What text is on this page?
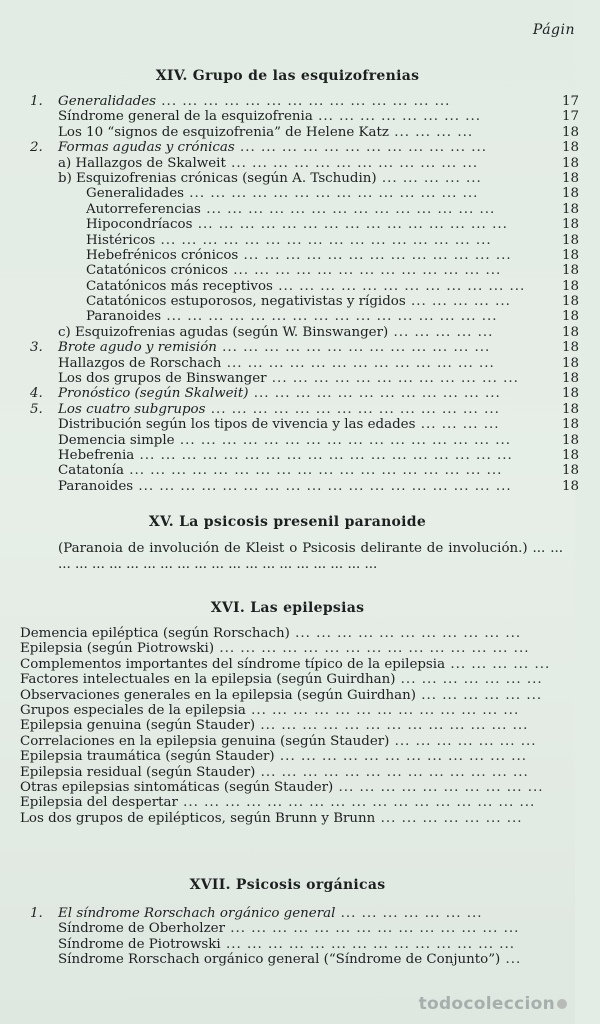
Págin
XIV. Grupo de las esquizofrenias
1. Generalidades ... ... ... ... ... ... ... ... ... ... ... ... ... ...	17
Síndrome general de la esquizofrenia ... ... ... ... ... ... ... ...	17
Los 10 “signos de esquizofrenia” de Helene Katz ... ... ... ...	18
2. Formas agudas y crónicas ... ... ... ... ... ... ... ... ... ... ... ...	18
a) Hallazgos de Skalweit ... ... ... ... ... ... ... ... ... ... ... ...	18
b) Esquizofrenias crónicas (según A. Tschudin) ... ... ... ... ...	18
Generalidades ... ... ... ... ... ... ... ... ... ... ... ... ... ...	18
Autorreferencias ... ... ... ... ... ... ... ... ... ... ... ... ... ...	18
Hipocondríacos ... ... ... ... ... ... ... ... ... ... ... ... ... ... ...	18
Histéricos ... ... ... ... ... ... ... ... ... ... ... ... ... ... ... ...	18
Hebefrénicos crónicos ... ... ... ... ... ... ... ... ... ... ... ... ...	18
Catatónicos crónicos ... ... ... ... ... ... ... ... ... ... ... ... ...	18
Catatónicos más receptivos ... ... ... ... ... ... ... ... ... ... ... ...	18
Catatónicos estuporosos, negativistas y rígidos ... ... ... ... ...	18
Paranoides ... ... ... ... ... ... ... ... ... ... ... ... ... ... ... ...	18
c) Esquizofrenias agudas (según W. Binswanger) ... ... ... ... ...	18
3. Brote agudo y remisión ... ... ... ... ... ... ... ... ... ... ... ... ...	18
Hallazgos de Rorschach ... ... ... ... ... ... ... ... ... ... ... ... ...	18
Los dos grupos de Binswanger ... ... ... ... ... ... ... ... ... ... ... ...	18
4. Pronóstico (según Skalweit) ... ... ... ... ... ... ... ... ... ... ... ...	18
5. Los cuatro subgrupos ... ... ... ... ... ... ... ... ... ... ... ... ... ...	18
Distribución según los tipos de vivencia y las edades ... ... ... ...	18
Demencia simple ... ... ... ... ... ... ... ... ... ... ... ... ... ... ... ...	18
Hebefrenia ... ... ... ... ... ... ... ... ... ... ... ... ... ... ... ... ... ...	18
Catatonía ... ... ... ... ... ... ... ... ... ... ... ... ... ... ... ... ... ...	18
Paranoides ... ... ... ... ... ... ... ... ... ... ... ... ... ... ... ... ... ...	18
XV. La psicosis presenil paranoide
(Paranoia de involución de Kleist o Psicosis delirante de involución.) ... ... ... ... ... ... ... ... ... ... ... ... ... ... ... ... ... ... ... ... ...
XVI. Las epilepsias
Demencia epiléptica (según Rorschach) ... ... ... ... ... ... ... ... ... ... ...
Epilepsia (según Piotrowski) ... ... ... ... ... ... ... ... ... ... ... ... ... ... ...
Complementos importantes del síndrome típico de la epilepsia ... ... ... ... ...
Factores intelectuales en la epilepsia (según Guirdhan) ... ... ... ... ... ... ...
Observaciones generales en la epilepsia (según Guirdhan) ... ... ... ... ... ...
Grupos especiales de la epilepsia ... ... ... ... ... ... ... ... ... ... ... ... ...
Epilepsia genuina (según Stauder) ... ... ... ... ... ... ... ... ... ... ... ... ...
Correlaciones en la epilepsia genuina (según Stauder) ... ... ... ... ... ... ...
Epilepsia traumática (según Stauder) ... ... ... ... ... ... ... ... ... ... ... ...
Epilepsia residual (según Stauder) ... ... ... ... ... ... ... ... ... ... ... ... ...
Otras epilepsias sintomáticas (según Stauder) ... ... ... ... ... ... ... ... ... ...
Epilepsia del despertar ... ... ... ... ... ... ... ... ... ... ... ... ... ... ... ... ...
Los dos grupos de epilépticos, según Brunn y Brunn ... ... ... ... ... ... ...
XVII. Psicosis orgánicas
1. El síndrome Rorschach orgánico general ... ... ... ... ... ... ...
Síndrome de Oberholzer ... ... ... ... ... ... ... ... ... ... ... ... ... ...
Síndrome de Piotrowski ... ... ... ... ... ... ... ... ... ... ... ... ... ...
Síndrome Rorschach orgánico general (“Síndrome de Conjunto”) ...
todocoleccion
